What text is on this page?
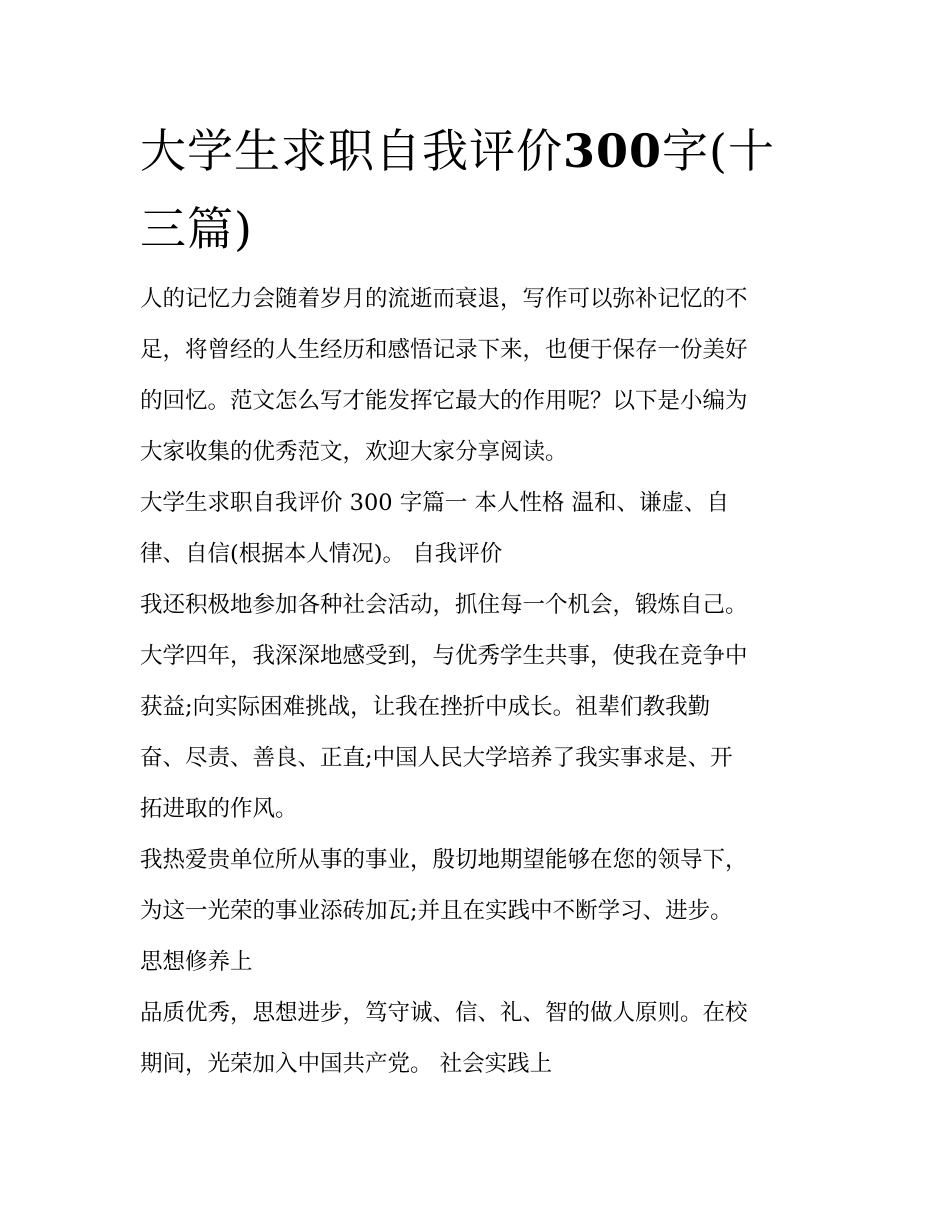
大学生求职自我评价300字(十
三篇)
人的记忆力会随着岁月的流逝而衰退，写作可以弥补记忆的不
足，将曾经的人生经历和感悟记录下来，也便于保存一份美好
的回忆。范文怎么写才能发挥它最大的作用呢？以下是小编为
大家收集的优秀范文，欢迎大家分享阅读。
大学生求职自我评价 300 字篇一 本人性格 温和、谦虚、自
律、自信(根据本人情况)。 自我评价
我还积极地参加各种社会活动，抓住每一个机会，锻炼自己。
大学四年，我深深地感受到，与优秀学生共事，使我在竞争中
获益;向实际困难挑战，让我在挫折中成长。祖辈们教我勤
奋、尽责、善良、正直;中国人民大学培养了我实事求是、开
拓进取的作风。
我热爱贵单位所从事的事业，殷切地期望能够在您的领导下，
为这一光荣的事业添砖加瓦;并且在实践中不断学习、进步。
思想修养上
品质优秀，思想进步，笃守诚、信、礼、智的做人原则。在校
期间，光荣加入中国共产党。 社会实践上
